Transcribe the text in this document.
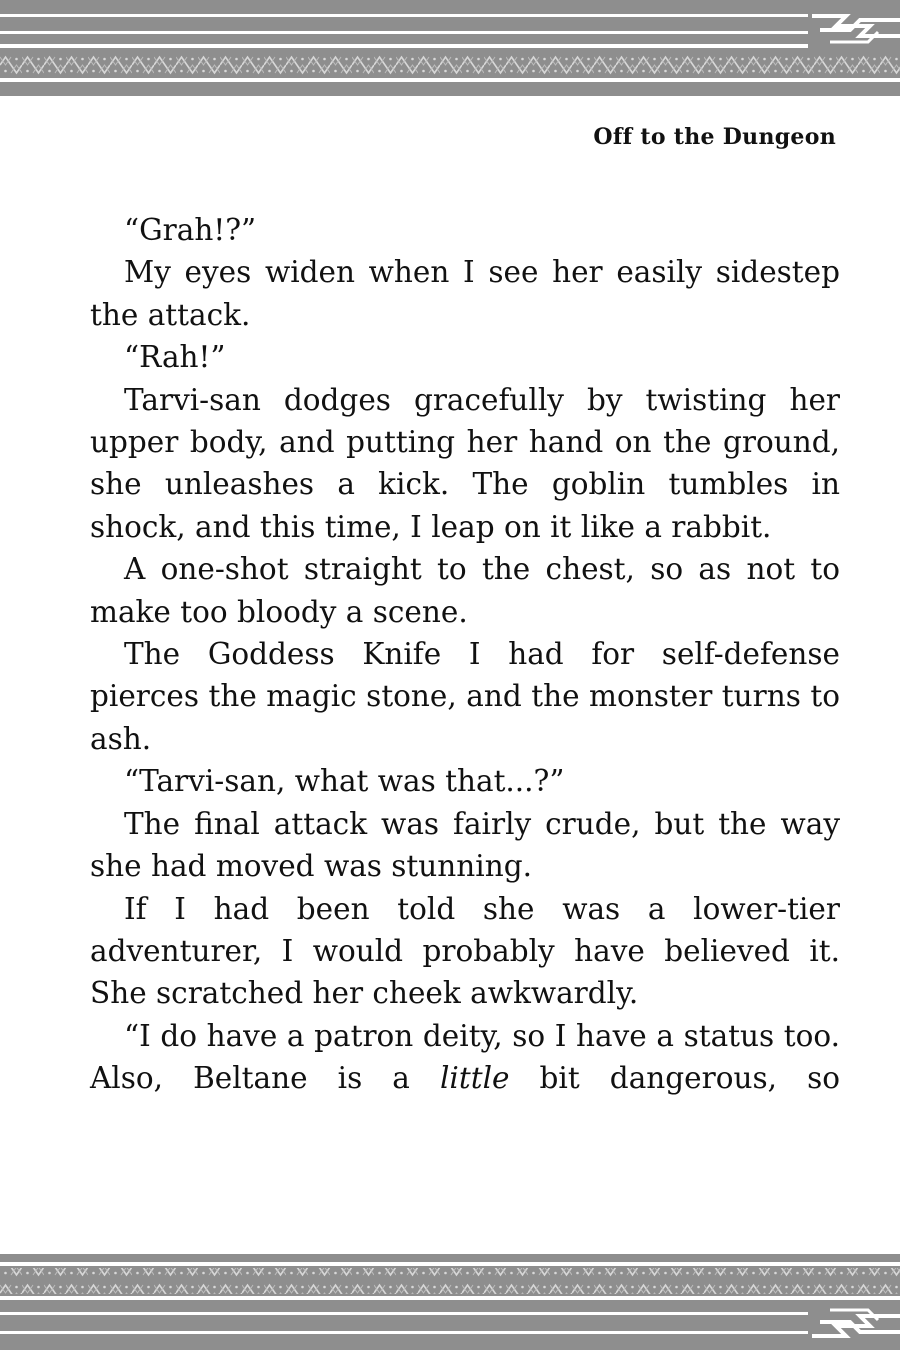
Off to the Dungeon

“Grah!?”

My eyes widen when I see her easily sidestep the attack.

“Rah!”

Tarvi-san dodges gracefully by twisting her upper body, and putting her hand on the ground, she unleashes a kick. The goblin tumbles in shock, and this time, I leap on it like a rabbit.

A one-shot straight to the chest, so as not to make too bloody a scene.

The Goddess Knife I had for self-defense pierces the magic stone, and the monster turns to ash.

“Tarvi-san, what was that...?”

The final attack was fairly crude, but the way she had moved was stunning.

If I had been told she was a lower-tier adventurer, I would probably have believed it. She scratched her cheek awkwardly.

“I do have a patron deity, so I have a status too. Also, Beltane is a little bit dangerous, so
